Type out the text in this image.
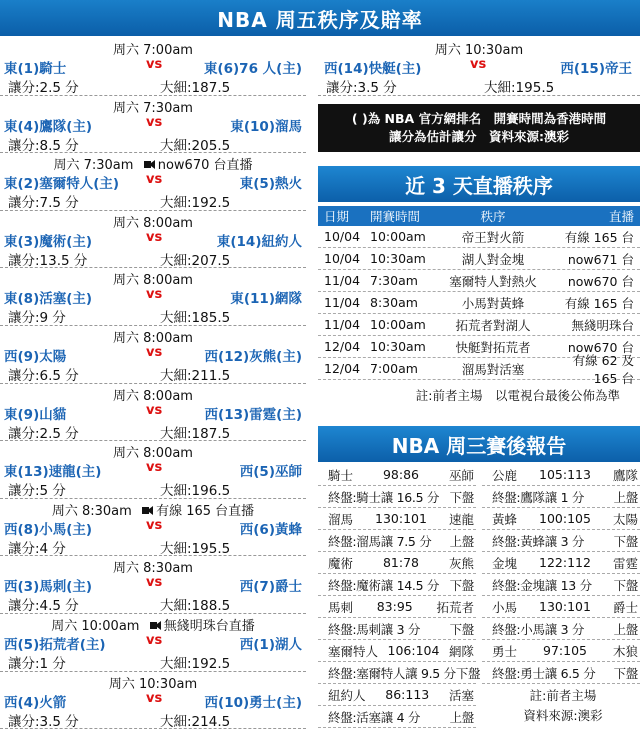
NBA 周五秩序及賠率
周六 7:00am
東(1)騎士	vs	東(6)76 人(主)
讓分:2.5 分	大細:187.5
周六 7:30am
東(4)鷹隊(主)	vs	東(10)溜馬
讓分:8.5 分	大細:205.5
周六 7:30am now670 台直播
東(2)塞爾特人(主) vs	東(5)熱火
讓分:7.5 分	大細:192.5
周六 8:00am
東(3)魔術(主)	vs	東(14)紐約人
讓分:13.5 分	大細:207.5
周六 8:00am
東(8)活塞(主)	vs	東(11)網隊
讓分:9 分	大細:185.5
周六 8:00am
西(9)太陽	vs	西(12)灰熊(主)
讓分:6.5 分	大細:211.5
周六 8:00am
東(9)山貓	vs	西(13)雷霆(主)
讓分:2.5 分	大細:187.5
周六 8:00am
東(13)速龍(主)	vs	西(5)巫師
讓分:5 分	大細:196.5
周六 8:30am 有線 165 台直播
西(8)小馬(主)	vs	西(6)黃蜂
讓分:4 分	大細:195.5
周六 8:30am
西(3)馬刺(主)	vs	西(7)爵士
讓分:4.5 分	大細:188.5
周六 10:00am 無綫明珠台直播
西(5)拓荒者(主)	vs	西(1)湖人
讓分:1 分	大細:192.5
周六 10:30am
西(4)火箭	vs	西(10)勇士(主)
讓分:3.5 分	大細:214.5
周六 10:30am
西(14)快艇(主)	vs	西(15)帝王
讓分:3.5 分	大細:195.5
( )為 NBA 官方網排名　開賽時間為香港時間
讓分為估計讓分　資料來源:澳彩
近 3 天直播秩序
日期	開賽時間	秩序	直播
10/04 10:00am	帝王對火箭	有線 165 台
10/04 10:30am	湖人對金塊	now671 台
11/04 7:30am	塞爾特人對熱火	now670 台
11/04 8:30am	小馬對黃蜂	有線 165 台
11/04 10:00am	拓荒者對湖人	無綫明珠台
12/04 10:30am	快艇對拓荒者	now670 台
12/04 7:00am	溜馬對活塞
有線 62 及 165 台
註:前者主場　以電視台最後公佈為準
NBA 周三賽後報告
騎士 98:86 巫師
終盤:騎士讓 16.5 分 下盤
溜馬 130:101 速龍
終盤:溜馬讓 7.5 分 上盤
魔術 81:78 灰熊
終盤:魔術讓 14.5 分 下盤
馬刺 83:95 拓荒者
終盤:馬刺讓 3 分 下盤
塞爾特人 106:104 網隊
終盤:塞爾特人讓 9.5 分 下盤
紐約人 86:113 活塞
終盤:活塞讓 4 分 上盤
公鹿 105:113 鷹隊
終盤:鷹隊讓 1 分 上盤
黃蜂 100:105 太陽
終盤:黃蜂讓 3 分 下盤
金塊 122:112 雷霆
終盤:金塊讓 13 分 下盤
小馬 130:101 爵士
終盤:小馬讓 3 分 上盤
勇士 97:105 木狼
終盤:勇士讓 6.5 分 下盤
註:前者主場
資料來源:澳彩
